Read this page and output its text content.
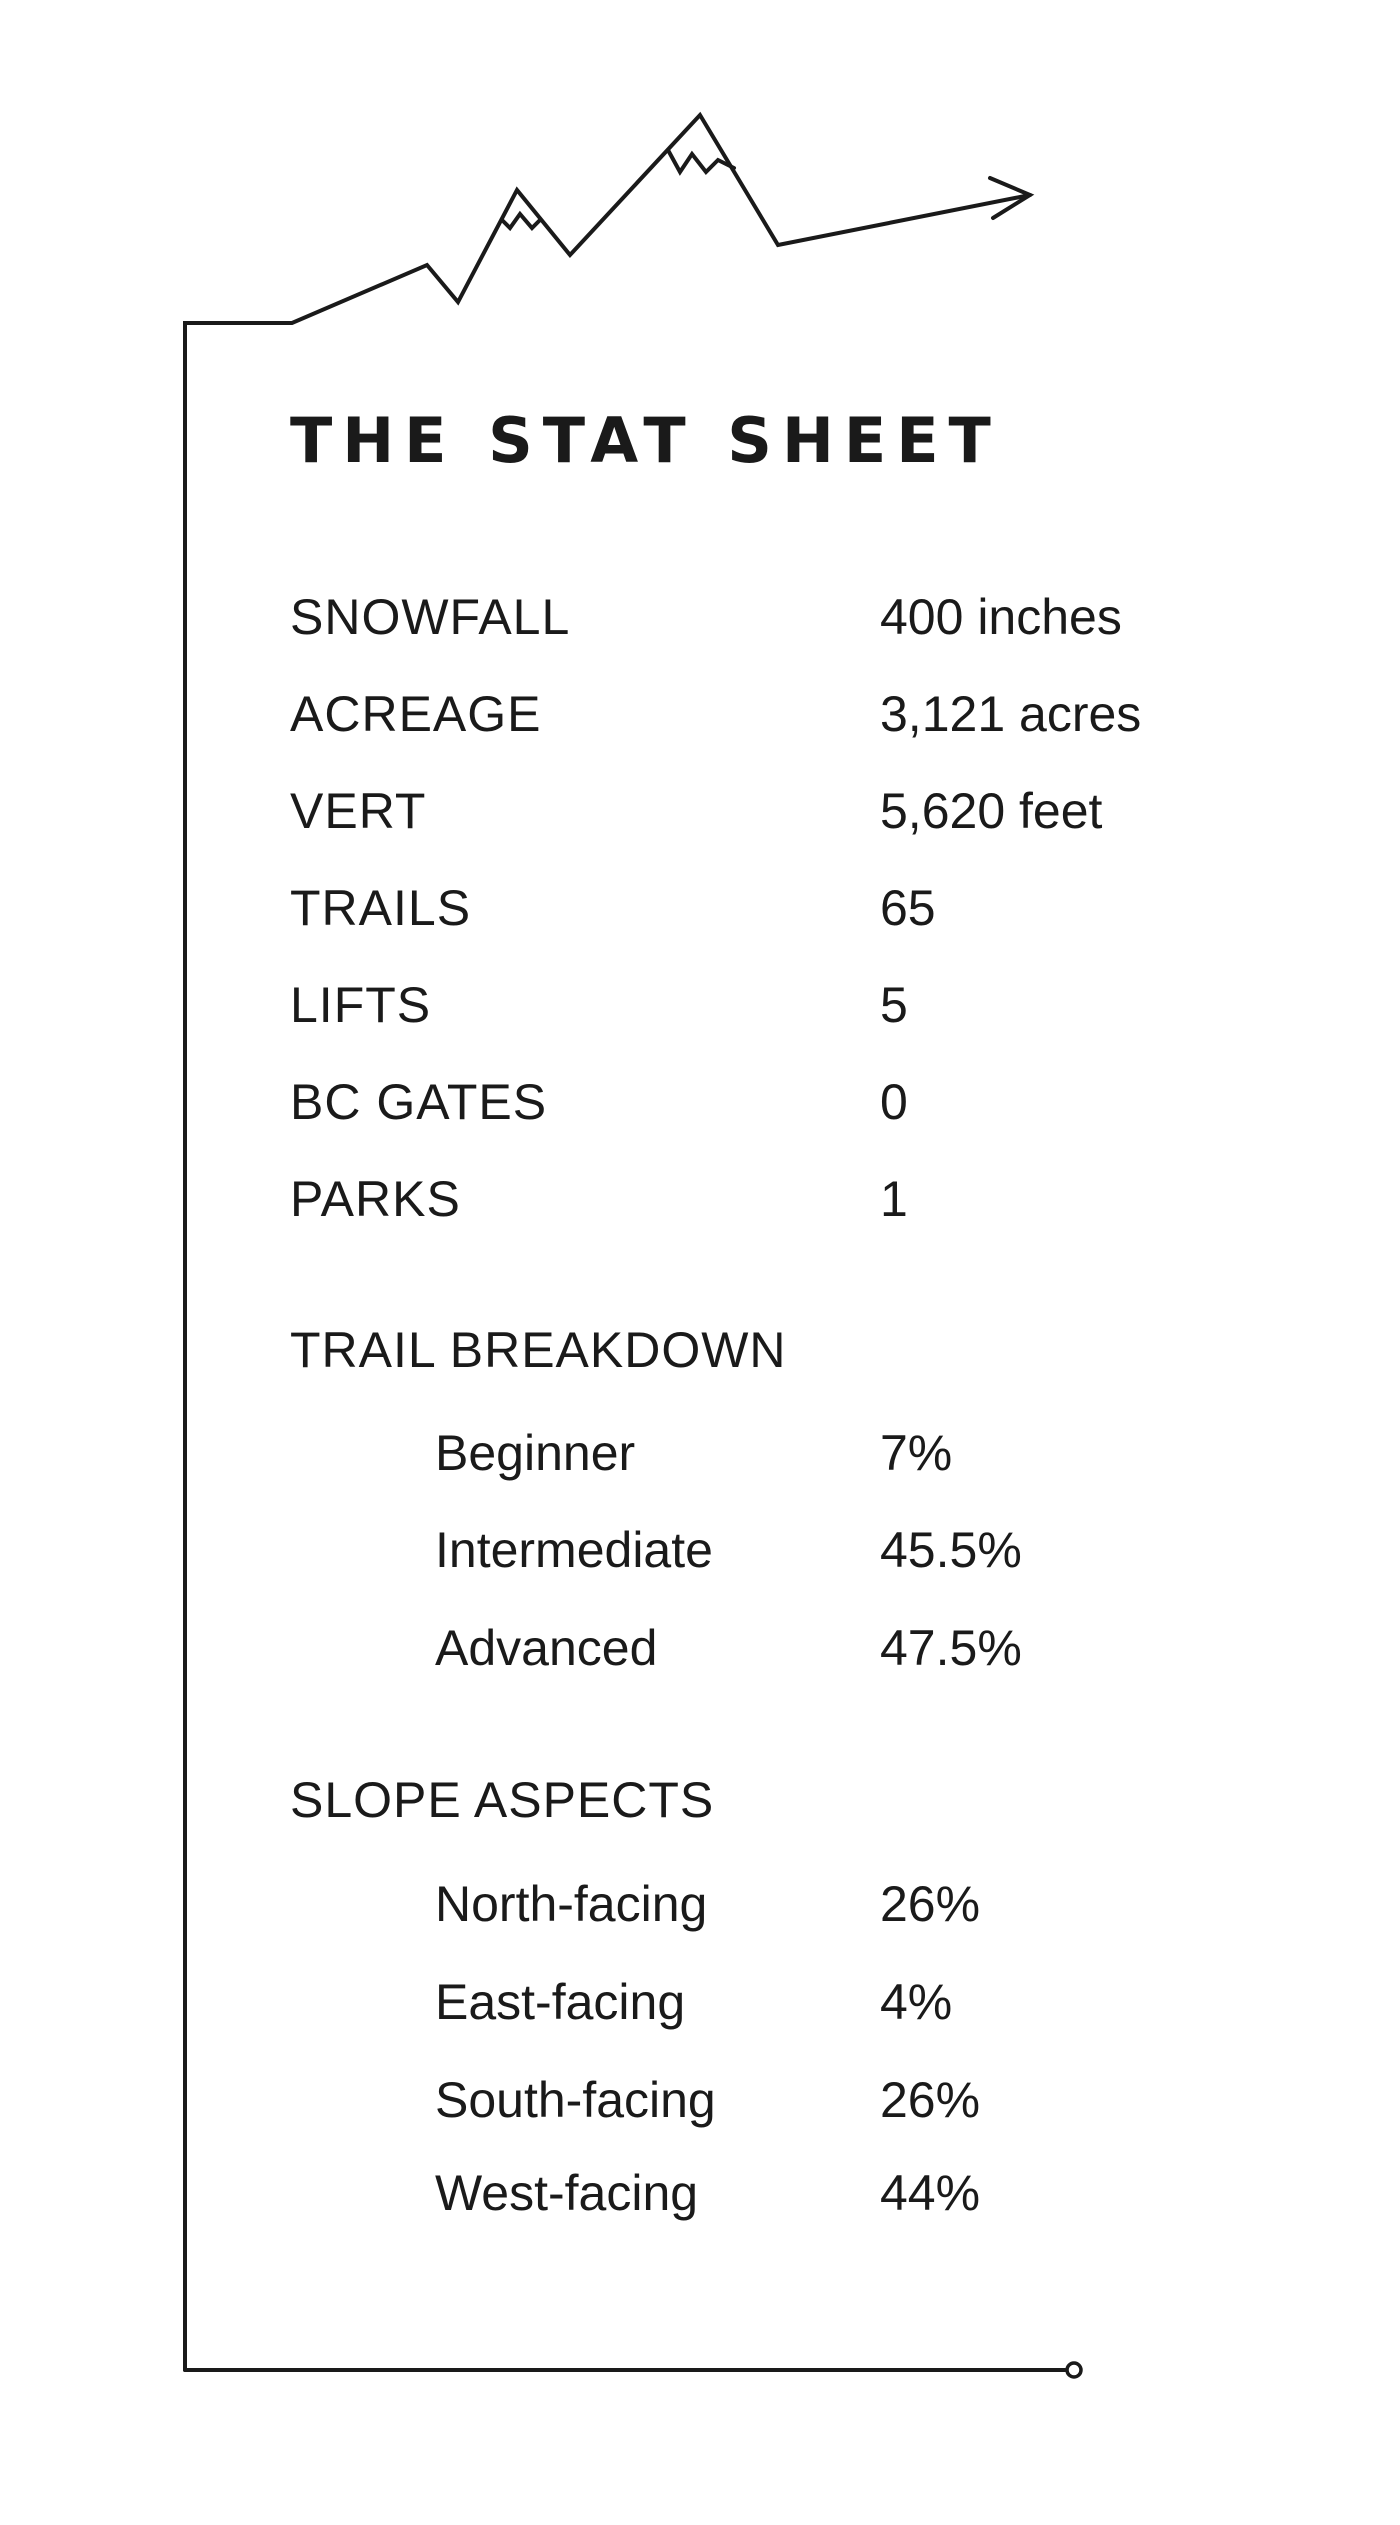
THE STAT SHEET
SNOWFALL	400 inches
ACREAGE	3,121 acres
VERT	5,620 feet
TRAILS	65
LIFTS	5
BC GATES	0
PARKS	1
TRAIL BREAKDOWN
Beginner	7%
Intermediate	45.5%
Advanced	47.5%
SLOPE ASPECTS
North-facing	26%
East-facing	4%
South-facing	26%
West-facing	44%
